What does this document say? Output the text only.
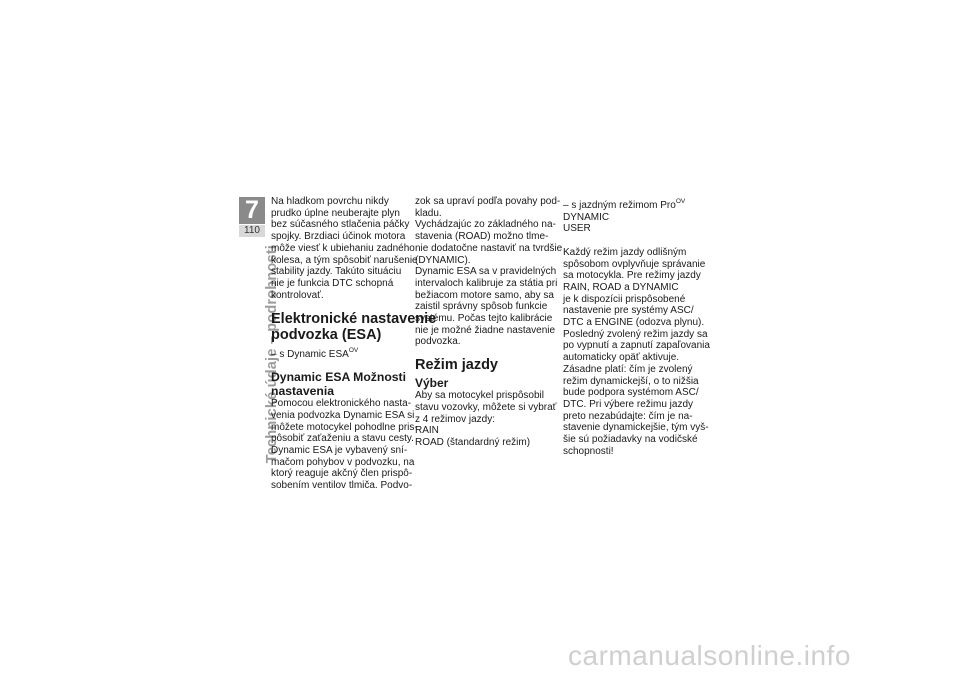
7
110
Technické údaje – podrobnosti

Na hladkom povrchu nikdy
prudko úplne neuberajte plyn
bez súčasného stlačenia páčky
spojky. Brzdiaci účinok motora
môže viesť k ubiehaniu zadného
kolesa, a tým spôsobiť narušenie
stability jazdy. Takúto situáciu
nie je funkcia DTC schopná
kontrolovať.

Elektronické nastavenie
podvozka (ESA)
– s Dynamic $ESA^{OV}$
Dynamic ESA Možnosti
nastavenia

Pomocou elektronického nasta-
venia podvozka Dynamic ESA si
môžete motocykel pohodlne pris-
pôsobiť zaťaženiu a stavu cesty.
Dynamic ESA je vybavený sní-
mačom pohybov v podvozku, na
ktorý reaguje akčný člen prispô-
sobením ventilov tlmiča. Podvo-

zok sa upraví podľa povahy pod-
kladu.
Vychádzajúc zo základného na-
stavenia (ROAD) možno tlme-
nie dodatočne nastaviť na tvrdšie
(DYNAMIC).
Dynamic ESA sa v pravidelných
intervaloch kalibruje za státia pri
bežiacom motore samo, aby sa
zaistil správny spôsob funkcie
systému. Počas tejto kalibrácie
nie je možné žiadne nastavenie
podvozka.

Režim jazdy
Výber

Aby sa motocykel prispôsobil
stavu vozovky, môžete si vybrať
z 4 režimov jazdy:
RAIN
ROAD (štandardný režim)

– s jazdným režimom Pro$^{OV}$

DYNAMIC
USER

Každý režim jazdy odlišným
spôsobom ovplyvňuje správanie
sa motocykla. Pre režimy jazdy
RAIN, ROAD a DYNAMIC
je k dispozícii prispôsobené
nastavenie pre systémy ASC/
DTC a ENGINE (odozva plynu).
Posledný zvolený režim jazdy sa
po vypnutí a zapnutí zapaľovania
automaticky opäť aktivuje.
Zásadne platí: čím je zvolený
režim dynamickejší, o to nižšia
bude podpora systémom ASC/
DTC. Pri výbere režimu jazdy
preto nezabúdajte: čím je na-
stavenie dynamickejšie, tým vyš-
šie sú požiadavky na vodičské
schopnosti!

carmanualsonline.info
